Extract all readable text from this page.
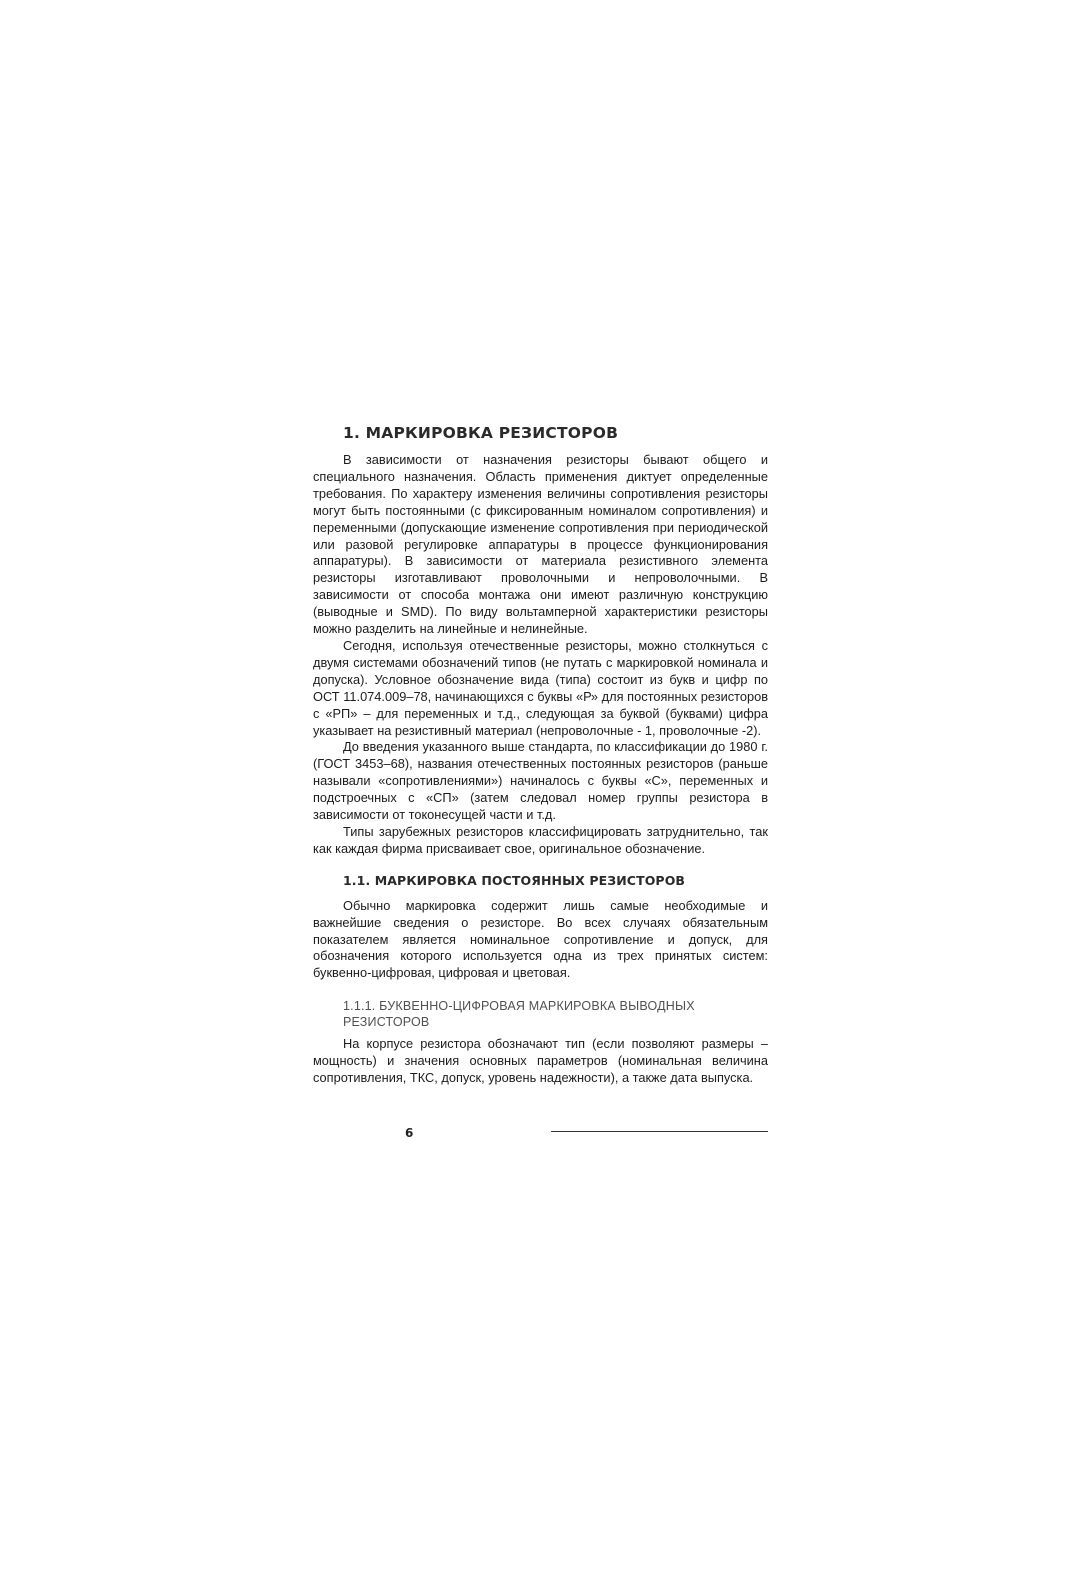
1. МАРКИРОВКА РЕЗИСТОРОВ

В зависимости от назначения резисторы бывают общего и специального назначения. Область применения диктует определенные требования. По характеру изменения величины сопротивления резисторы могут быть постоянными (с фиксированным номиналом сопротивления) и переменными (допускающие изменение сопротивления при периодической или разовой регулировке аппаратуры в процессе функционирования аппаратуры). В зависимости от материала резистивного элемента резисторы изготавливают проволочными и непроволочными. В зависимости от способа монтажа они имеют различную конструкцию (выводные и SMD). По виду вольтамперной характеристики резисторы можно разделить на линейные и нелинейные.

Сегодня, используя отечественные резисторы, можно столкнуться с двумя системами обозначений типов (не путать с маркировкой номинала и допуска). Условное обозначение вида (типа) состоит из букв и цифр по ОСТ 11.074.009–78, начинающихся с буквы «Р» для постоянных резисторов с «РП» – для переменных и т.д., следующая за буквой (буквами) цифра указывает на резистивный материал (непроволочные - 1, проволочные -2).

До введения указанного выше стандарта, по классификации до 1980 г. (ГОСТ 3453–68), названия отечественных постоянных резисторов (раньше называли «сопротивлениями») начиналось с буквы «С», переменных и подстроечных с «СП» (затем следовал номер группы резистора в зависимости от токонесущей части и т.д.

Типы зарубежных резисторов классифицировать затруднительно, так как каждая фирма присваивает свое, оригинальное обозначение.

1.1. МАРКИРОВКА ПОСТОЯННЫХ РЕЗИСТОРОВ

Обычно маркировка содержит лишь самые необходимые и важнейшие сведения о резисторе. Во всех случаях обязательным показателем является номинальное сопротивление и допуск, для обозначения которого используется одна из трех принятых систем: буквенно-цифровая, цифровая и цветовая.

1.1.1. БУКВЕННО-ЦИФРОВАЯ МАРКИРОВКА ВЫВОДНЫХ РЕЗИСТОРОВ

На корпусе резистора обозначают тип (если позволяют размеры – мощность) и значения основных параметров (номинальная величина сопротивления, ТКС, допуск, уровень надежности), а также дата выпуска.

6
